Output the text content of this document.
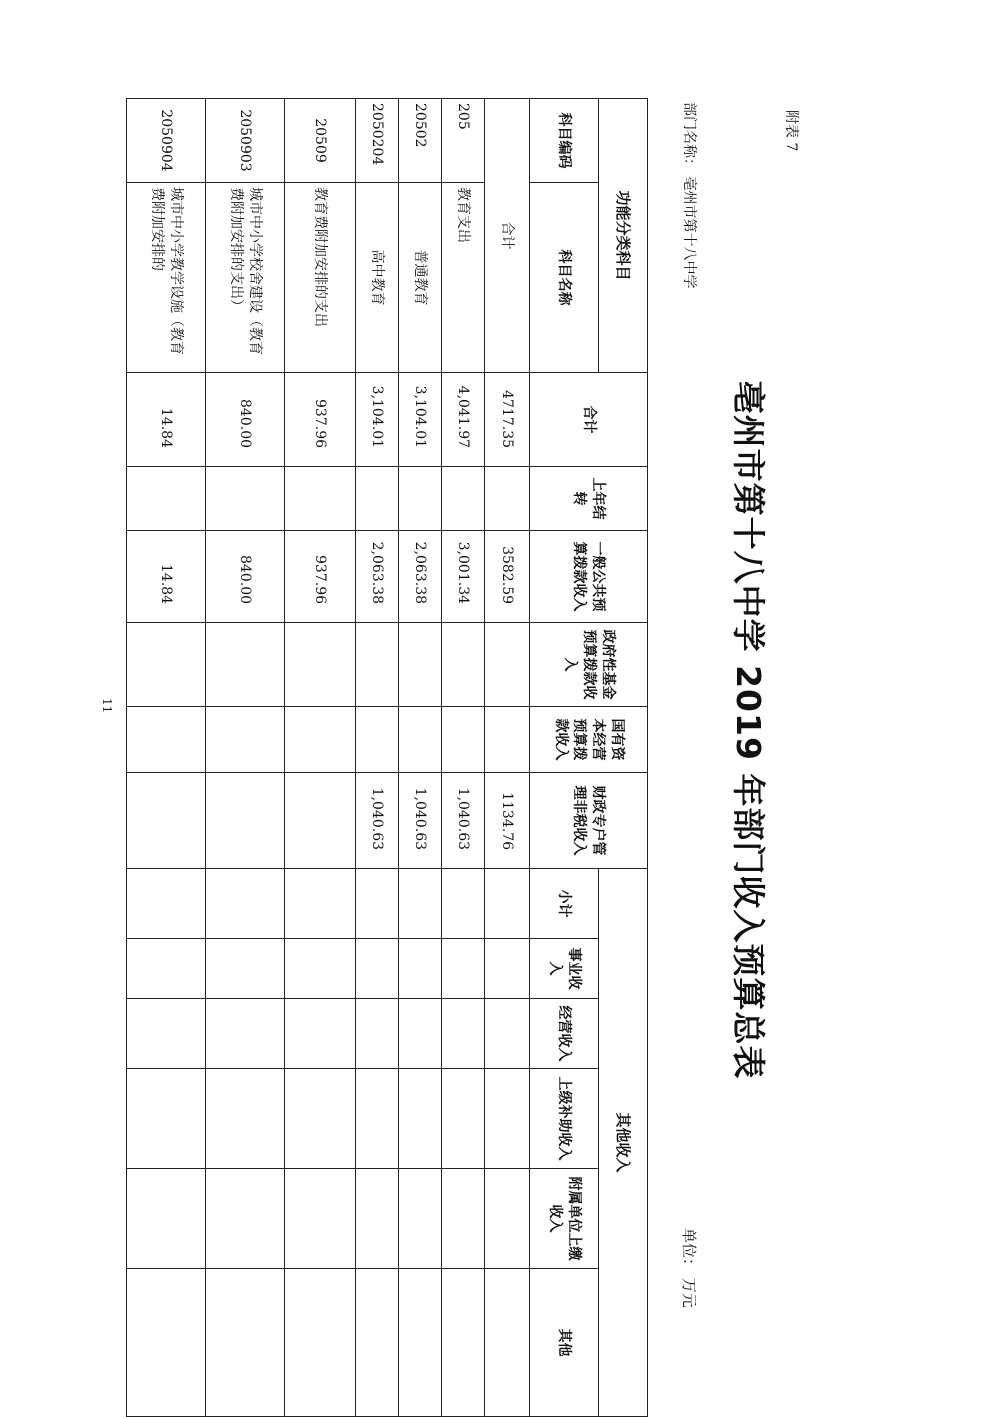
附表 7
亳州市第十八中学 2019 年部门收入预算总表
部门名称： 亳州市第十八中学
单位： 万元
功能分类科目		合计	上年结转	一般公共预算拨款收入	政府性基金预算拨款收入	国有资本经营预算拨款收入	财政专户管理非税收入	其他收入					
科目编码	科目名称							小计	事业收入	经营收入	上级补助收入	附属单位上缴收入	其他

合计		4717.35		3582.59			1134.76						
205	教育支出	4,041.97		3,001.34			1,040.63						
20502	普通教育	3,104.01		2,063.38			1,040.63						
2050204	高中教育	3,104.01		2,063.38			1,040.63						
20509	教育费附加安排的支出	937.96		937.96									
2050903	城市中小学校舍建设（教育费附加安排的支出）	840.00		840.00									
2050904	城市中小学教学设施（教育费附加安排的	14.84		14.84									
11
